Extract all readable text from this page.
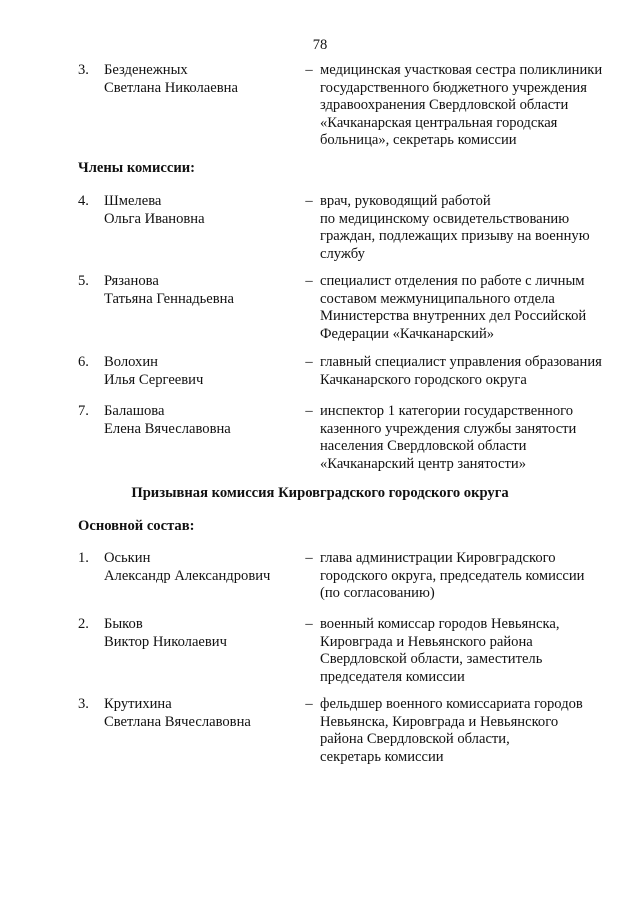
78
3.	Безденежных
Светлана Николаевна
– медицинская участковая сестра поликлиники
государственного бюджетного учреждения
здравоохранения Свердловской области
«Качканарская центральная городская
больница», секретарь комиссии
Члены комиссии:
4.	Шмелева
Ольга Ивановна
– врач, руководящий работой
по медицинскому освидетельствованию
граждан, подлежащих призыву на военную
службу
5.	Рязанова
Татьяна Геннадьевна
– специалист отделения по работе с личным
составом межмуниципального отдела
Министерства внутренних дел Российской
Федерации «Качканарский»
6.	Волохин
Илья Сергеевич
– главный специалист управления образования
Качканарского городского округа
7.	Балашова
Елена Вячеславовна
– инспектор 1 категории государственного
казенного учреждения службы занятости
населения Свердловской области
«Качканарский центр занятости»
Призывная комиссия Кировградского городского округа
Основной состав:
1.	Оськин
Александр Александрович
– глава администрации Кировградского
городского округа, председатель комиссии
(по согласованию)
2.	Быков
Виктор Николаевич
– военный комиссар городов Невьянска,
Кировграда и Невьянского района
Свердловской области, заместитель
председателя комиссии
3.	Крутихина
Светлана Вячеславовна
– фельдшер военного комиссариата городов
Невьянска, Кировграда и Невьянского
района Свердловской области,
секретарь комиссии
